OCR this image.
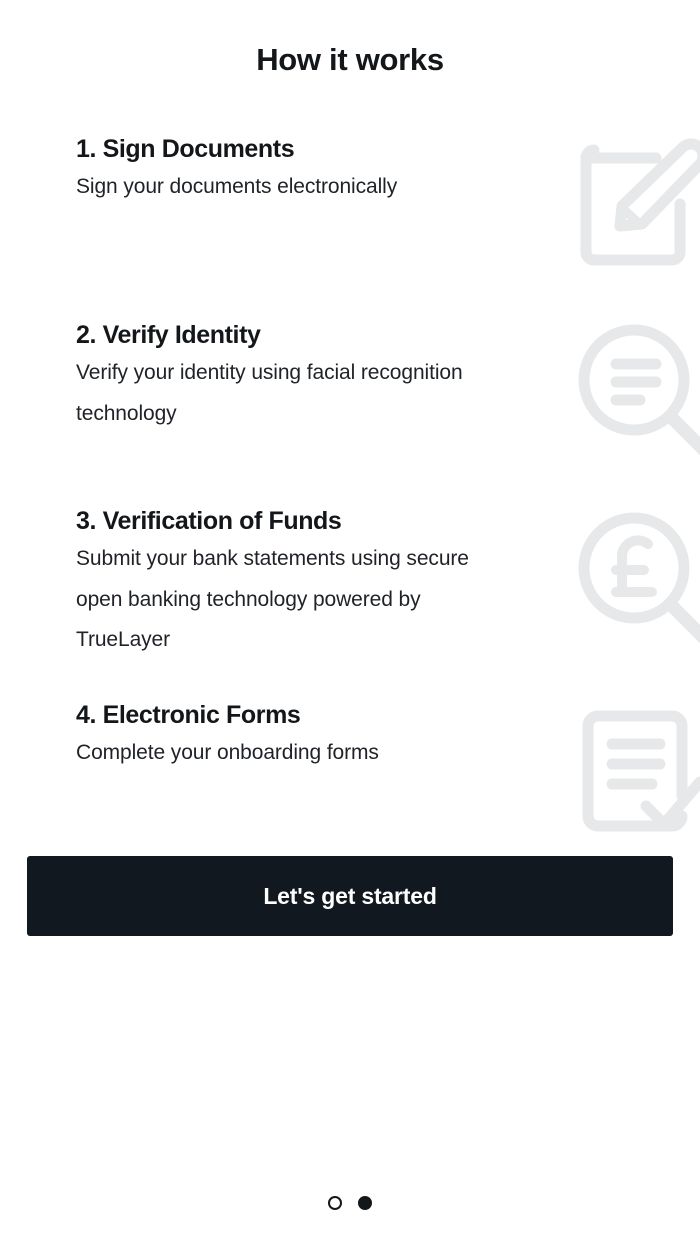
How it works
1. Sign Documents
Sign your documents electronically
2. Verify Identity
Verify your identity using facial recognition technology
3. Verification of Funds
Submit your bank statements using secure open banking technology powered by TrueLayer
4. Electronic Forms
Complete your onboarding forms
Let's get started
